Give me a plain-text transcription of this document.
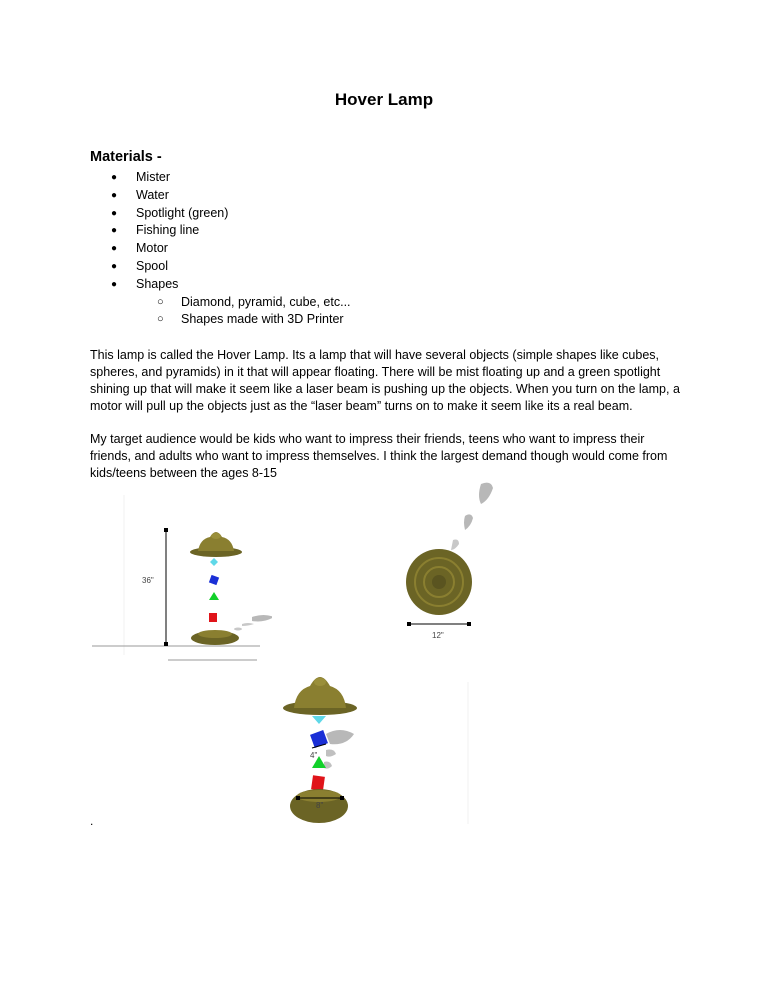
Hover Lamp
Materials -
● Mister
● Water
● Spotlight (green)
● Fishing line
● Motor
● Spool
● Shapes
○ Diamond, pyramid, cube, etc...
○ Shapes made with 3D Printer

This lamp is called the Hover Lamp. Its a lamp that will have several objects (simple shapes like cubes, spheres, and pyramids) in it that will appear floating. There will be mist floating up and a green spotlight shining up that will make it seem like a laser beam is pushing up the objects. When you turn on the lamp, a motor will pull up the objects just as the “laser beam” turns on to make it seem like its a real beam.

My target audience would be kids who want to impress their friends, teens who want to impress their friends, and adults who want to impress themselves. I think the largest demand though would come from kids/teens between the ages 8-15

36"
12"
4"
8"
.
